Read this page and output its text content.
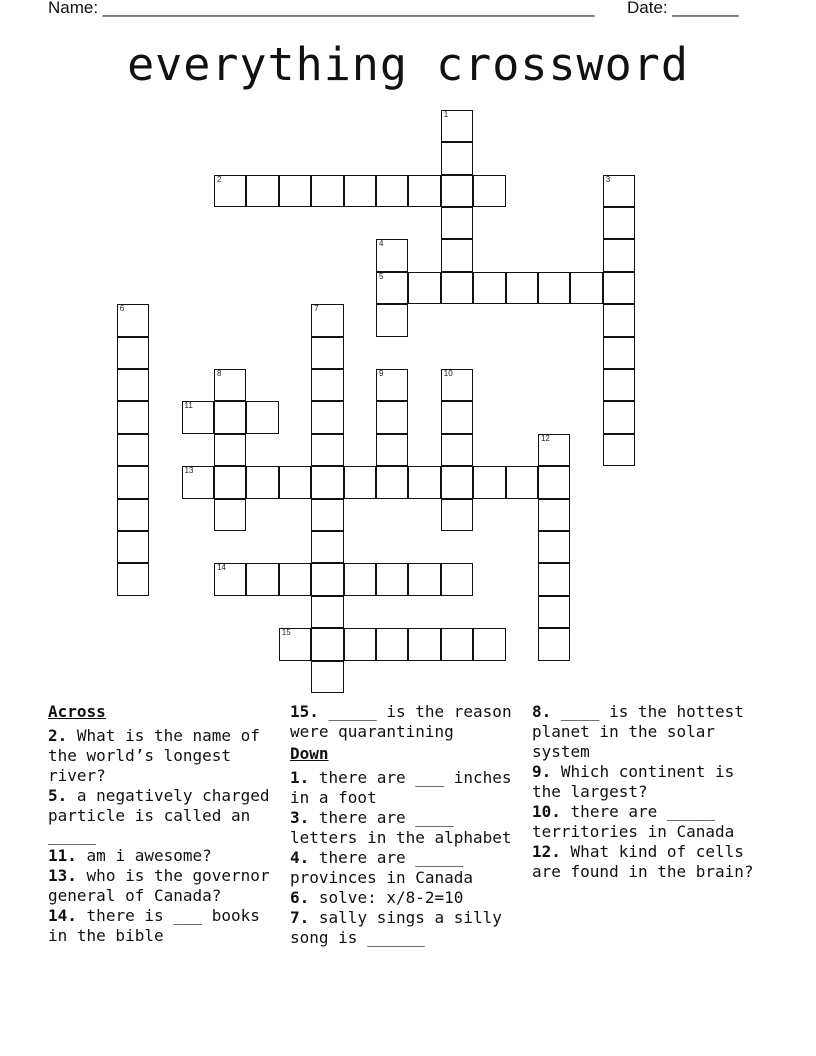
Name: ____________________________________________________ Date: _______
everything crossword
1
2	3
4
5
6	7
8	9	10
11
12
13
14
15
Across

2. What is the name of the world’s longest river?

5. a negatively charged particle is called an _____

11. am i awesome?

13. who is the governor general of Canada?

14. there is ___ books in the bible

15. _____ is the reason were quarantining

Down

1. there are ___ inches in a foot

3. there are ____ letters in the alphabet

4. there are _____ provinces in Canada

6. solve: x/8-2=10

7. sally sings a silly song is ______

8. ____ is the hottest planet in the solar system

9. Which continent is the largest?

10. there are _____ territories in Canada

12. What kind of cells are found in the brain?
